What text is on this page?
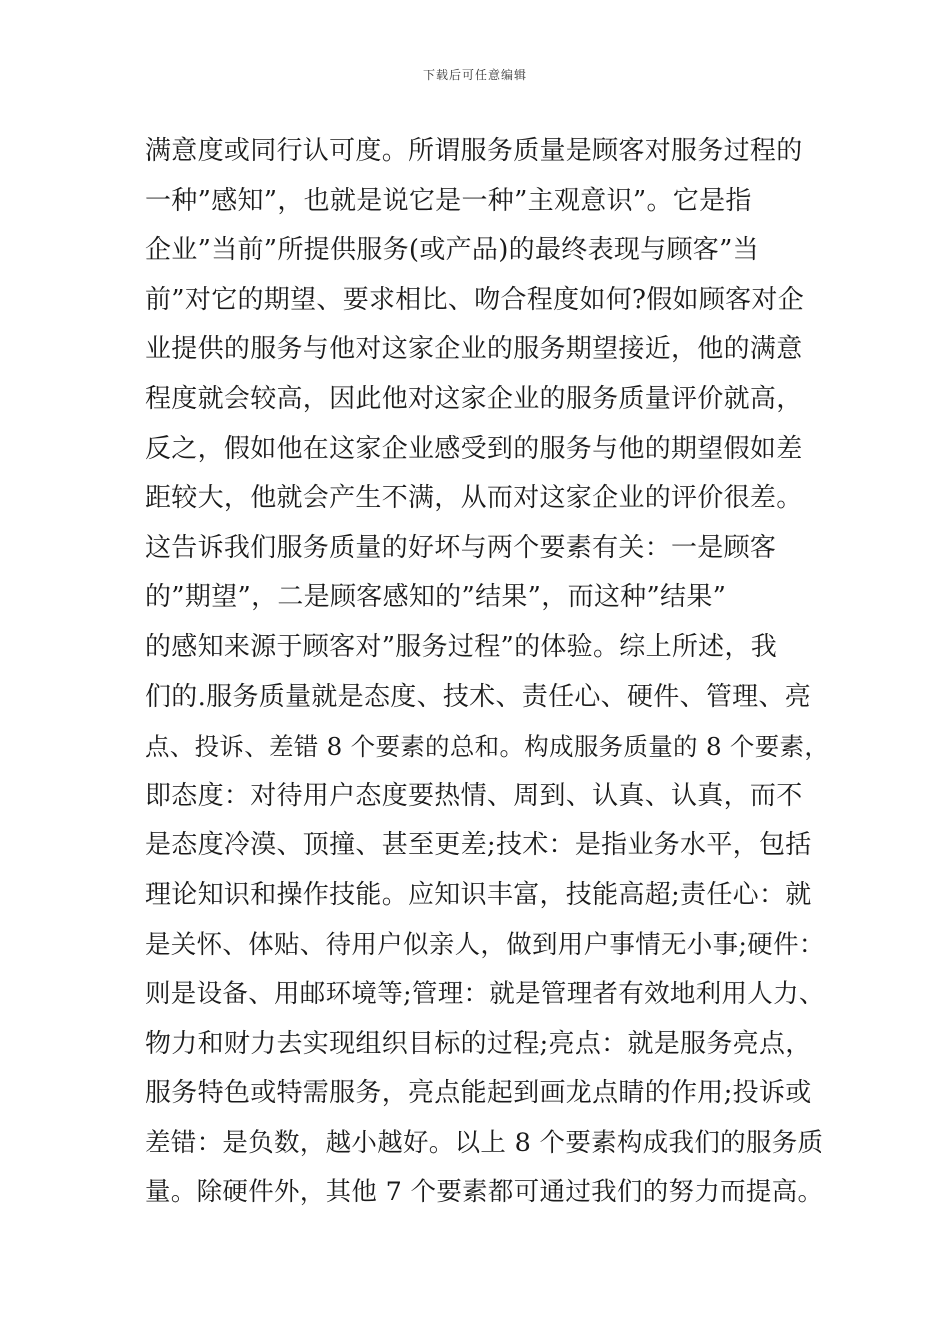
下载后可任意编辑
满意度或同行认可度。所谓服务质量是顾客对服务过程的
一种”感知”，也就是说它是一种”主观意识”。它是指
企业”当前”所提供服务(或产品)的最终表现与顾客”当
前”对它的期望、要求相比、吻合程度如何?假如顾客对企
业提供的服务与他对这家企业的服务期望接近，他的满意
程度就会较高，因此他对这家企业的服务质量评价就高，
反之，假如他在这家企业感受到的服务与他的期望假如差
距较大，他就会产生不满，从而对这家企业的评价很差。
这告诉我们服务质量的好坏与两个要素有关：一是顾客
的”期望”，二是顾客感知的”结果”，而这种”结果”
的感知来源于顾客对”服务过程”的体验。综上所述，我
们的.服务质量就是态度、技术、责任心、硬件、管理、亮
点、投诉、差错 8 个要素的总和。构成服务质量的 8 个要素，
即态度：对待用户态度要热情、周到、认真、认真，而不
是态度冷漠、顶撞、甚至更差;技术：是指业务水平，包括
理论知识和操作技能。应知识丰富，技能高超;责任心：就
是关怀、体贴、待用户似亲人，做到用户事情无小事;硬件：
则是设备、用邮环境等;管理：就是管理者有效地利用人力、
物力和财力去实现组织目标的过程;亮点：就是服务亮点，
服务特色或特需服务，亮点能起到画龙点睛的作用;投诉或
差错：是负数，越小越好。以上 8 个要素构成我们的服务质
量。除硬件外，其他 7 个要素都可通过我们的努力而提高。
